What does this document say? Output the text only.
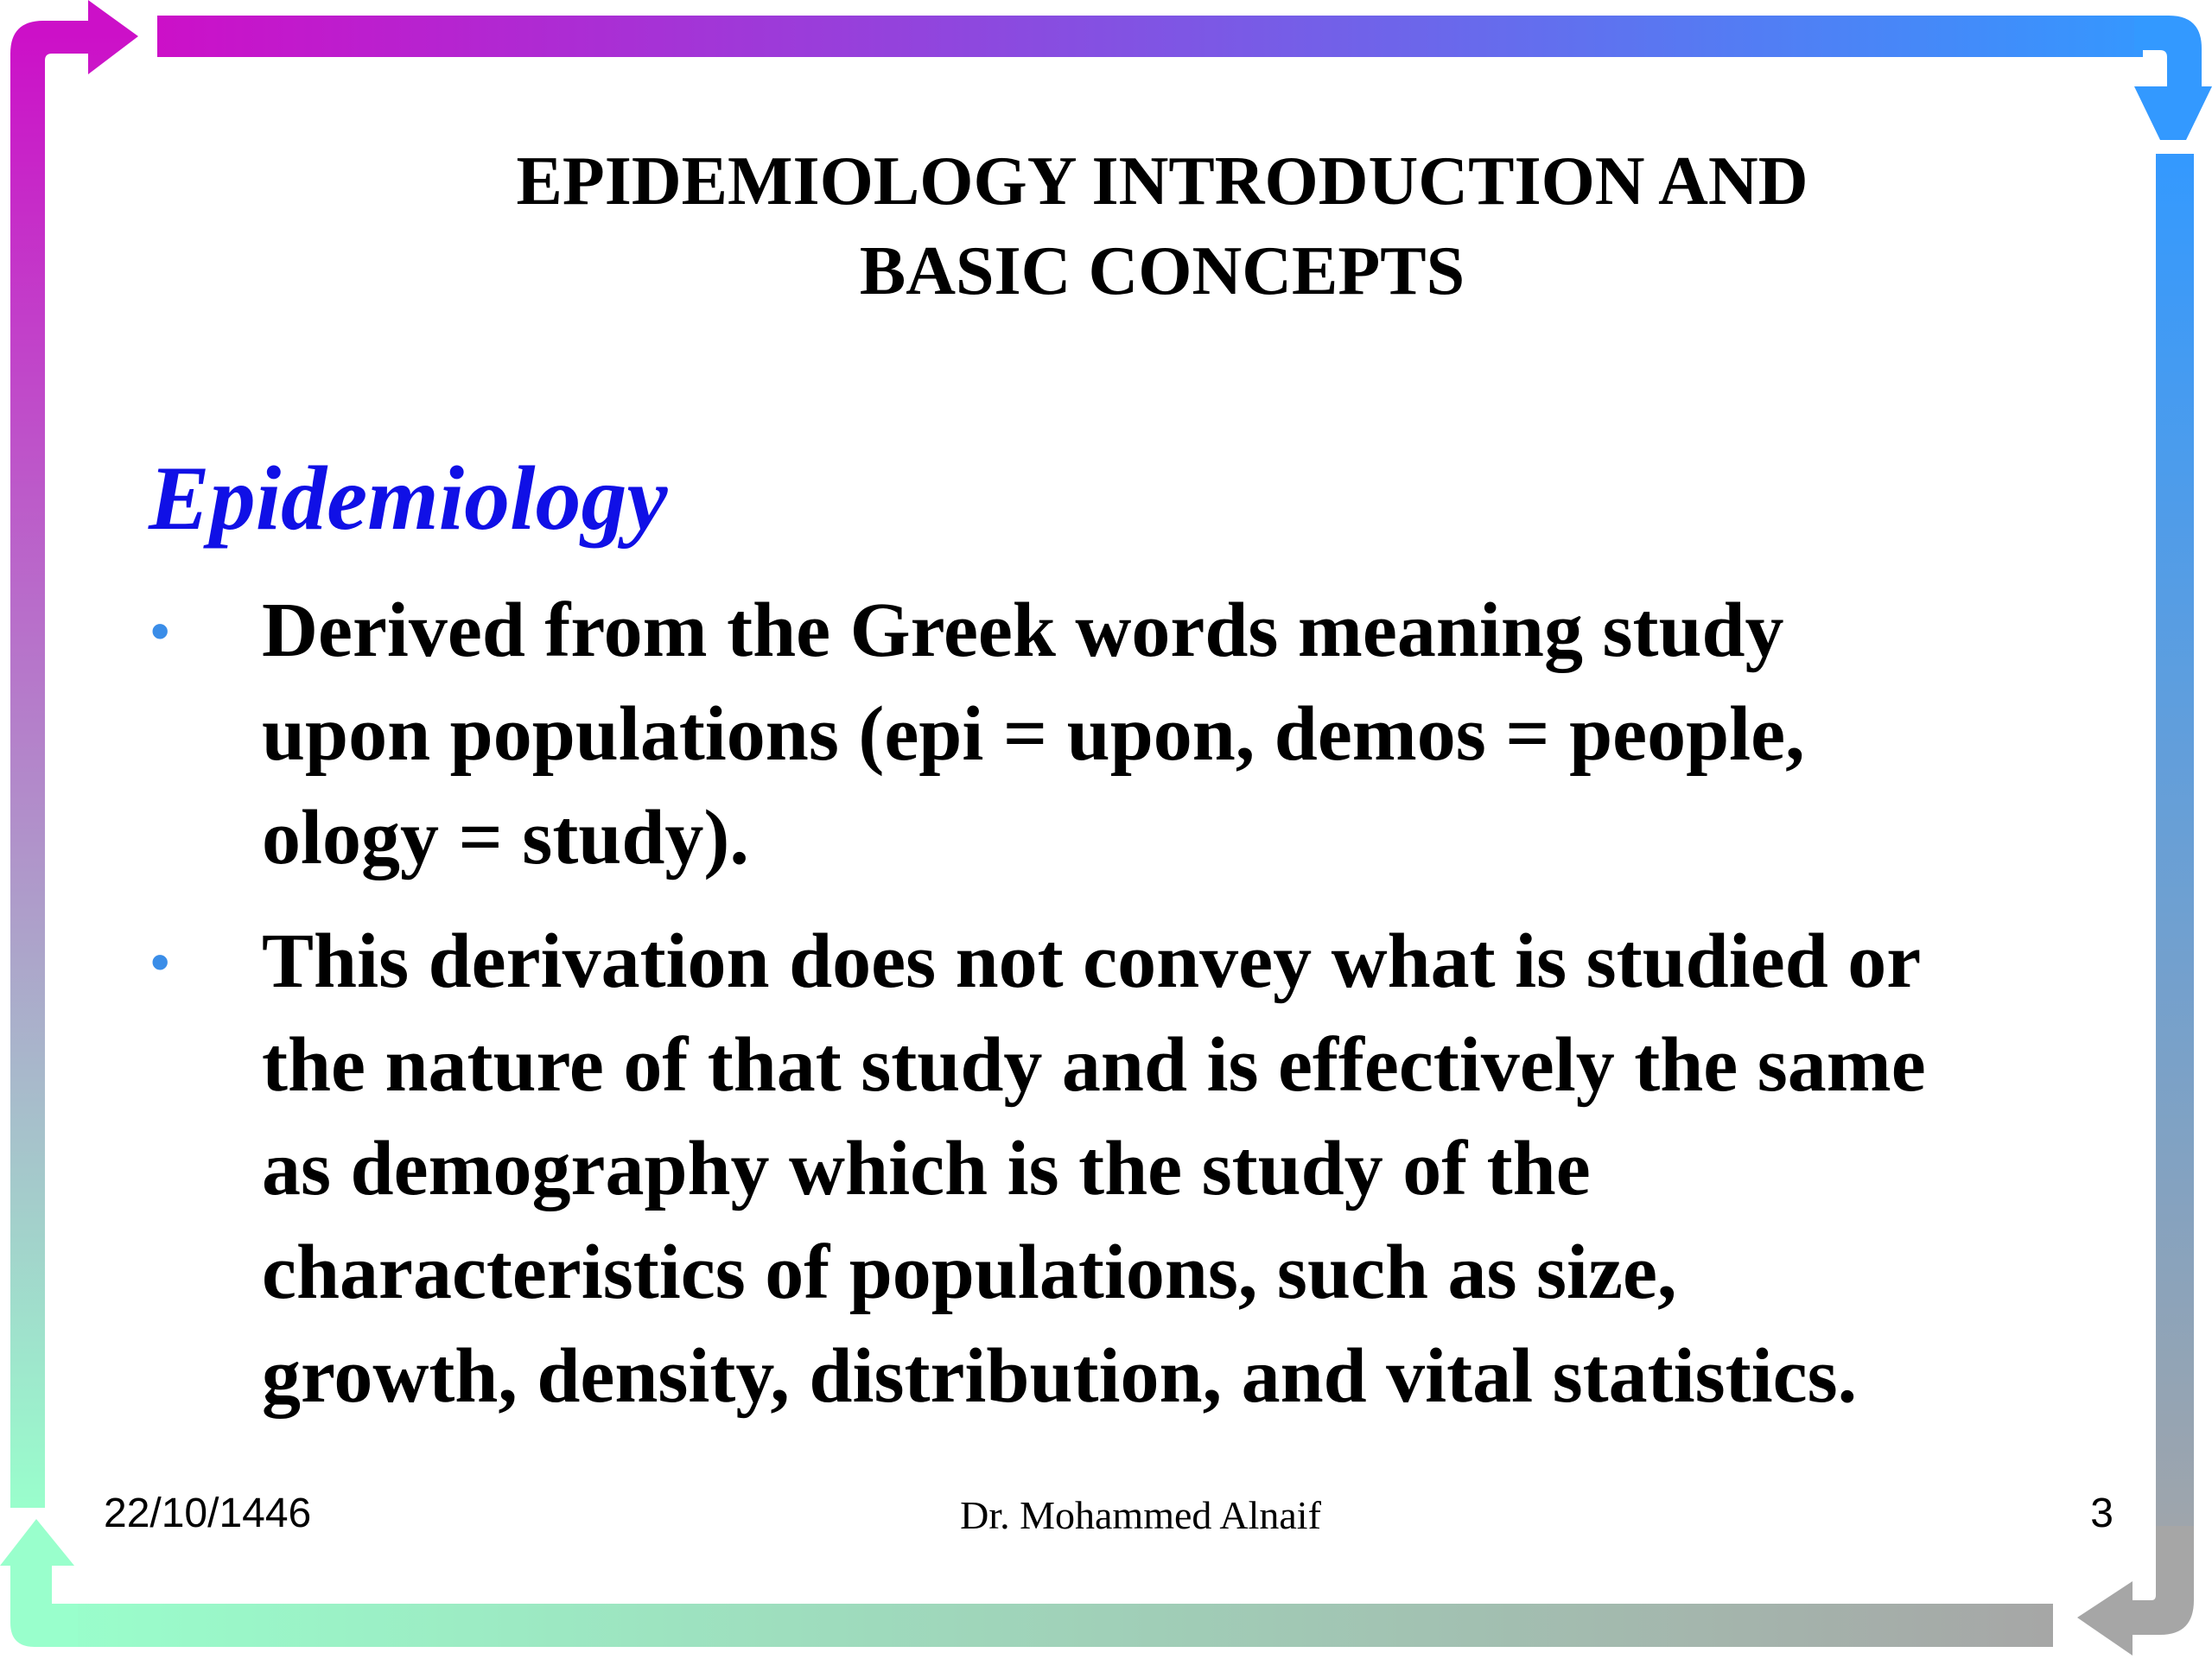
EPIDEMIOLOGY INTRODUCTION AND
BASIC CONCEPTS
Epidemiology
• Derived from the Greek words meaning study
upon populations (epi = upon, demos = people,
ology = study).
• This derivation does not convey what is studied or
the nature of that study and is effectively the same
as demography which is the study of the
characteristics of populations, such as size,
growth, density, distribution, and vital statistics.
22/10/1446	Dr. Mohammed Alnaif	3
